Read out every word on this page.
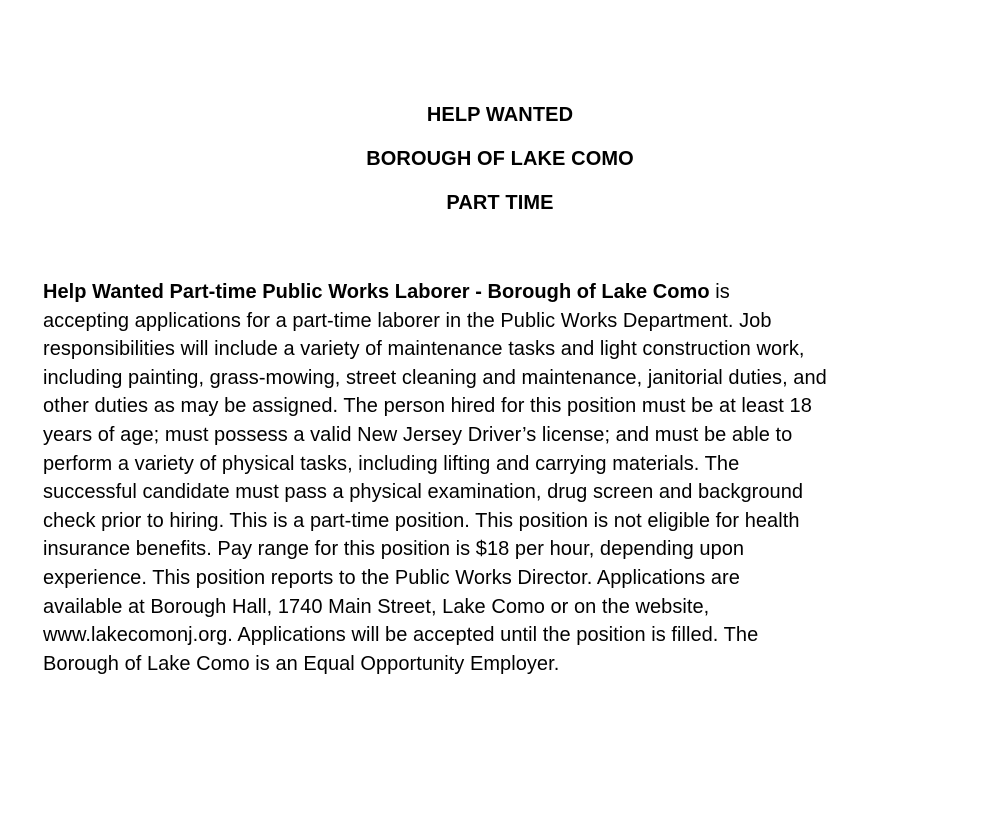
HELP WANTED
BOROUGH OF LAKE COMO
PART TIME
Help Wanted Part-time Public Works Laborer - Borough of Lake Como is
accepting applications for a part-time laborer in the Public Works Department. Job
responsibilities will include a variety of maintenance tasks and light construction work,
including painting, grass-mowing, street cleaning and maintenance, janitorial duties, and
other duties as may be assigned. The person hired for this position must be at least 18
years of age; must possess a valid New Jersey Driver’s license; and must be able to
perform a variety of physical tasks, including lifting and carrying materials. The
successful candidate must pass a physical examination, drug screen and background
check prior to hiring. This is a part-time position. This position is not eligible for health
insurance benefits. Pay range for this position is $18 per hour, depending upon
experience. This position reports to the Public Works Director. Applications are
available at Borough Hall, 1740 Main Street, Lake Como or on the website,
www.lakecomonj.org. Applications will be accepted until the position is filled. The
Borough of Lake Como is an Equal Opportunity Employer.
